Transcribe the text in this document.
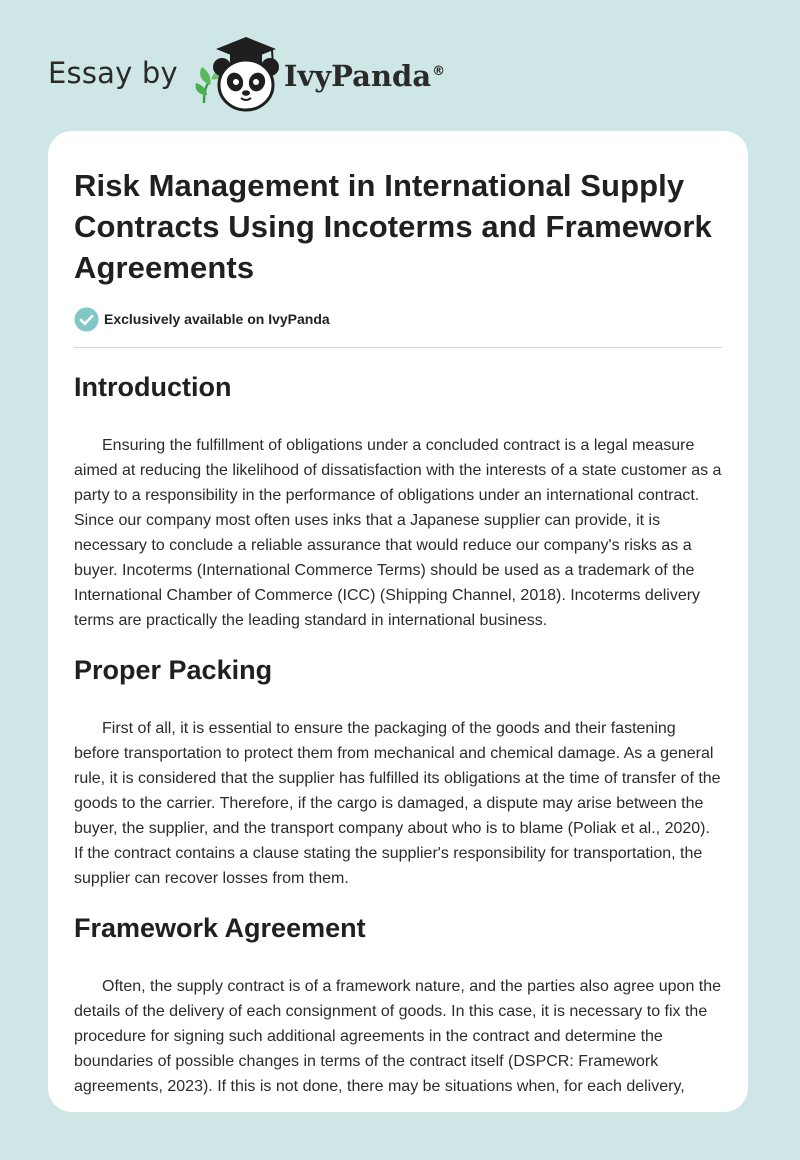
Essay by	IvyPanda®
Risk Management in International Supply Contracts Using Incoterms and Framework Agreements
Exclusively available on IvyPanda
Introduction

Ensuring the fulfillment of obligations under a concluded contract is a legal measure aimed at reducing the likelihood of dissatisfaction with the interests of a state customer as a party to a responsibility in the performance of obligations under an international contract. Since our company most often uses inks that a Japanese supplier can provide, it is necessary to conclude a reliable assurance that would reduce our company's risks as a buyer. Incoterms (International Commerce Terms) should be used as a trademark of the International Chamber of Commerce (ICC) (Shipping Channel, 2018). Incoterms delivery terms are practically the leading standard in international business.

Proper Packing

First of all, it is essential to ensure the packaging of the goods and their fastening before transportation to protect them from mechanical and chemical damage. As a general rule, it is considered that the supplier has fulfilled its obligations at the time of transfer of the goods to the carrier. Therefore, if the cargo is damaged, a dispute may arise between the buyer, the supplier, and the transport company about who is to blame (Poliak et al., 2020). If the contract contains a clause stating the supplier's responsibility for transportation, the supplier can recover losses from them.

Framework Agreement

Often, the supply contract is of a framework nature, and the parties also agree upon the details of the delivery of each consignment of goods. In this case, it is necessary to fix the procedure for signing such additional agreements in the contract and determine the boundaries of possible changes in terms of the contract itself (DSPCR: Framework agreements, 2023). If this is not done, there may be situations when, for each delivery,
